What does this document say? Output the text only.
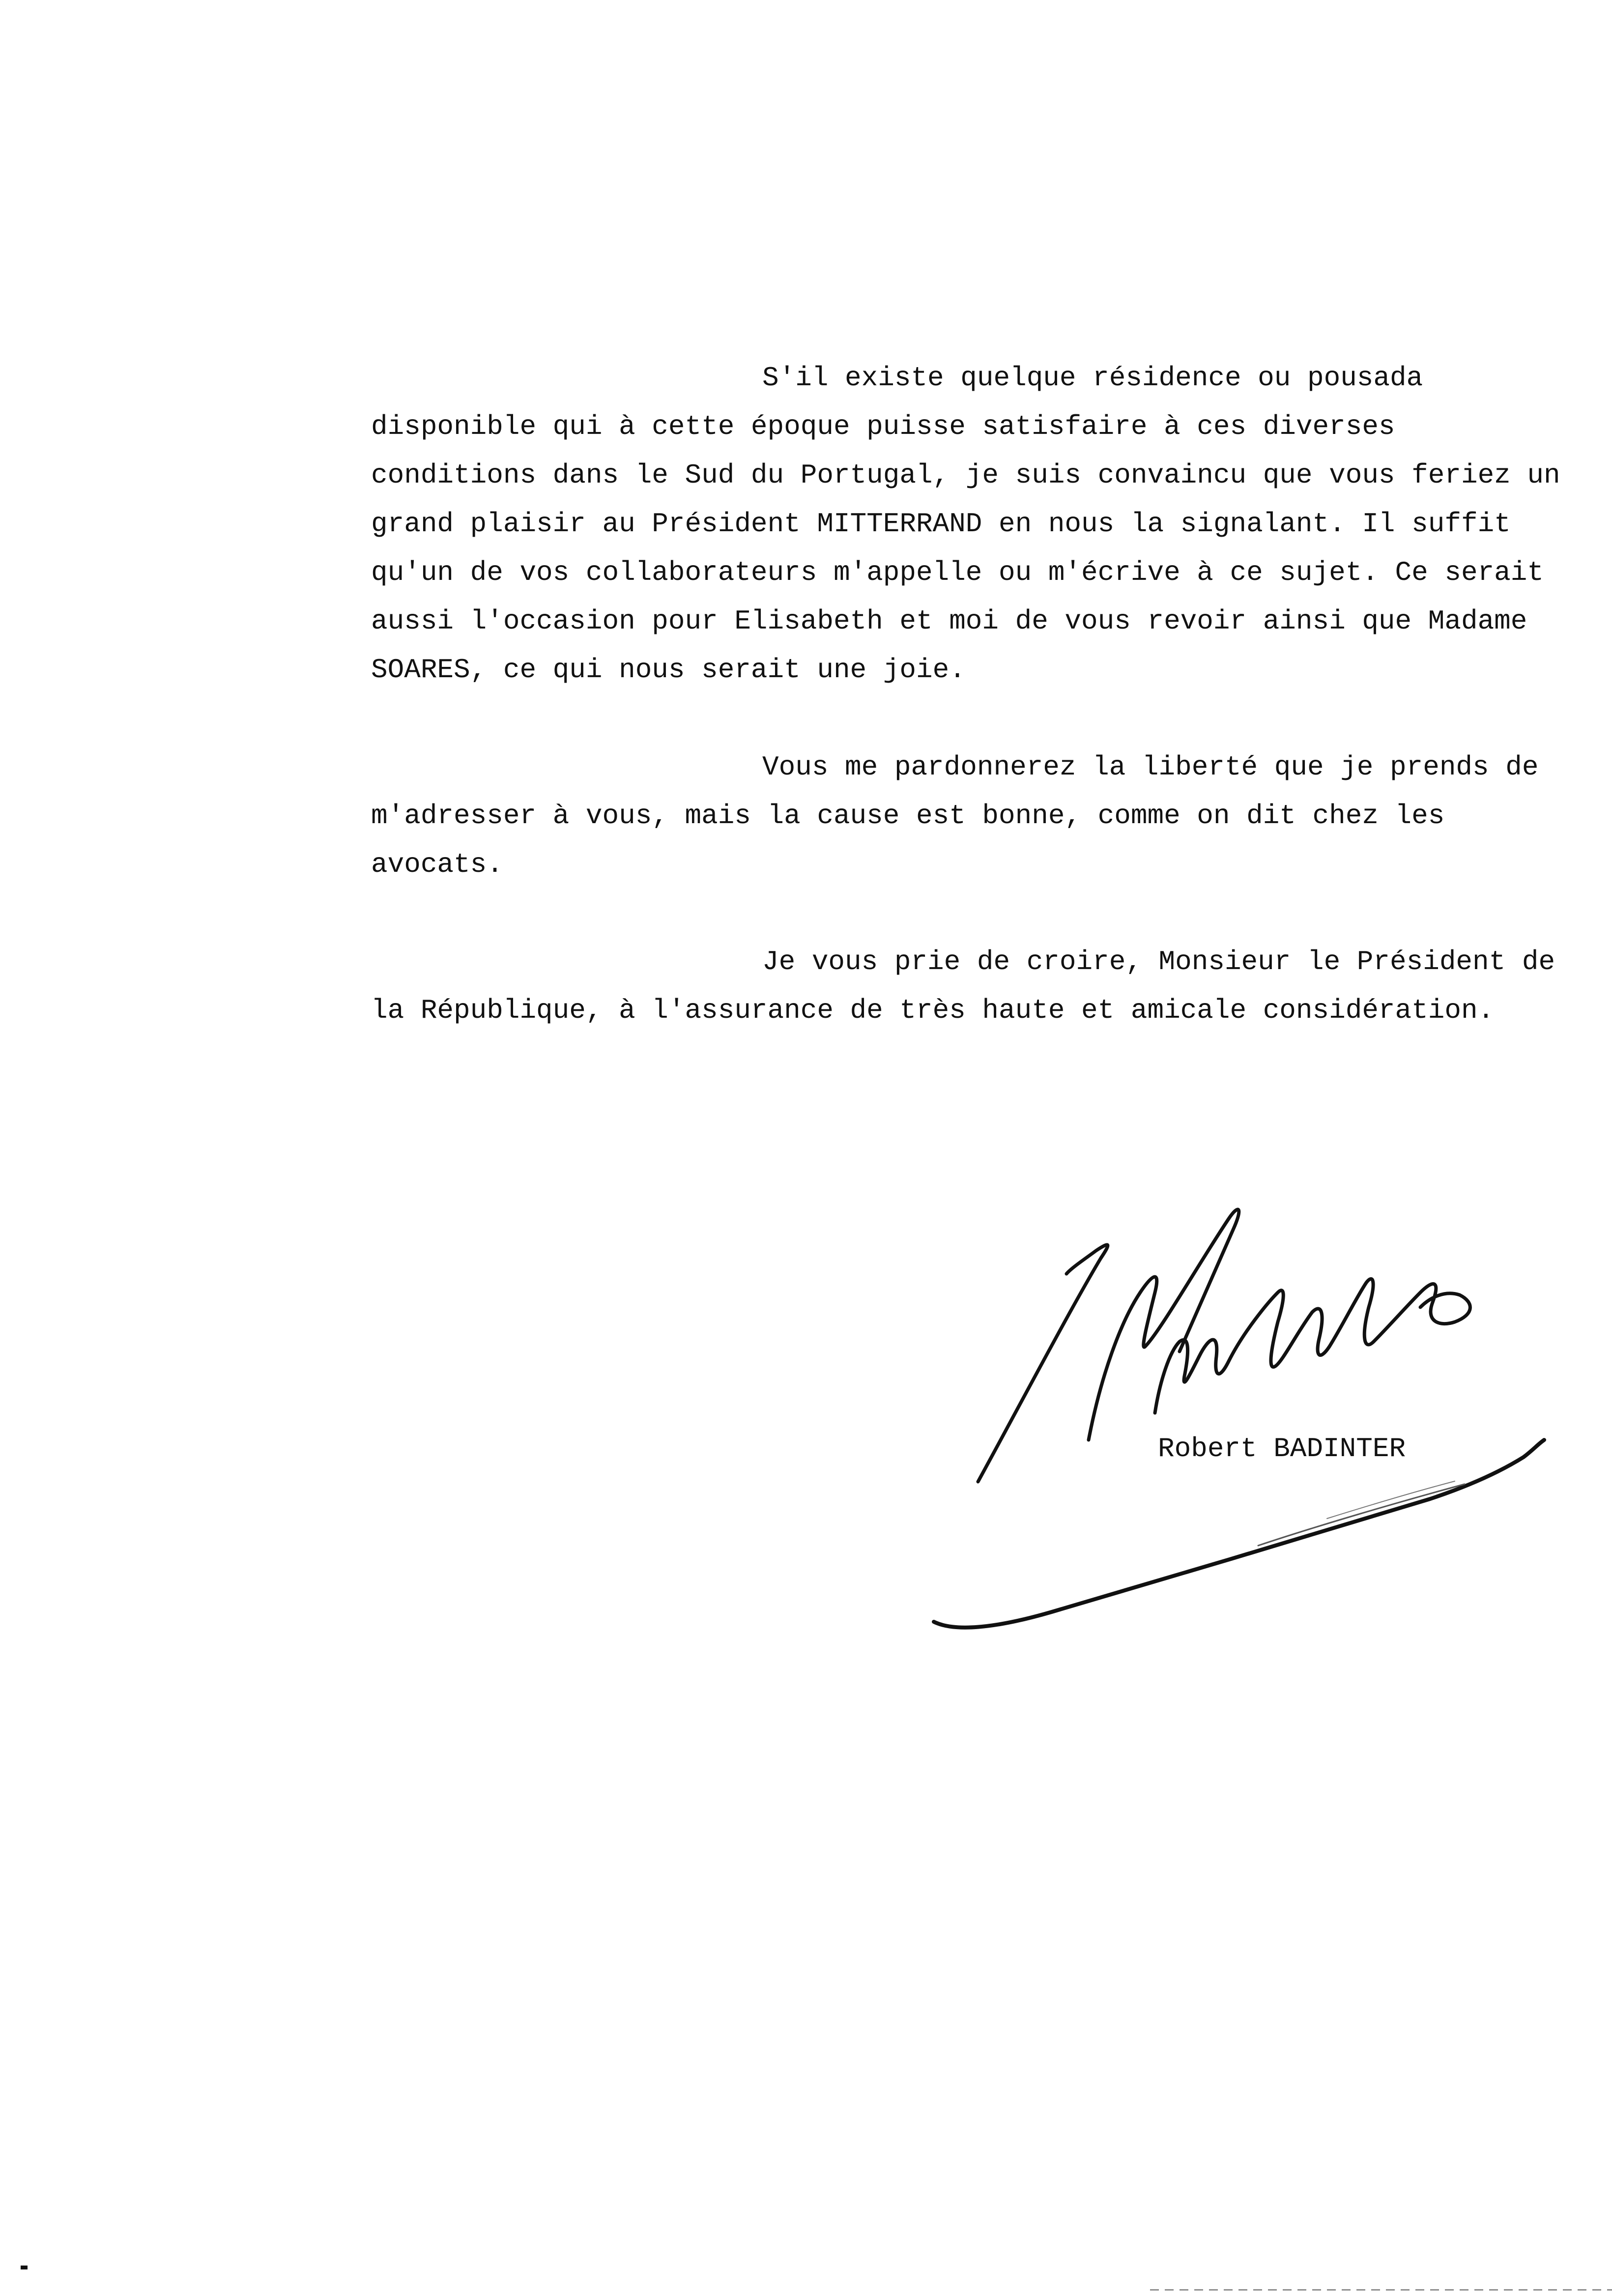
S'il existe quelque résidence ou pousada
disponible qui à cette époque puisse satisfaire à ces diverses
conditions dans le Sud du Portugal, je suis convaincu que vous feriez un
grand plaisir au Président MITTERRAND en nous la signalant. Il suffit
qu'un de vos collaborateurs m'appelle ou m'écrive à ce sujet. Ce serait
aussi l'occasion pour Elisabeth et moi de vous revoir ainsi que Madame
SOARES, ce qui nous serait une joie.

Vous me pardonnerez la liberté que je prends de
m'adresser à vous, mais la cause est bonne, comme on dit chez les
avocats.

Je vous prie de croire, Monsieur le Président de
la République, à l'assurance de très haute et amicale considération.

Robert BADINTER
